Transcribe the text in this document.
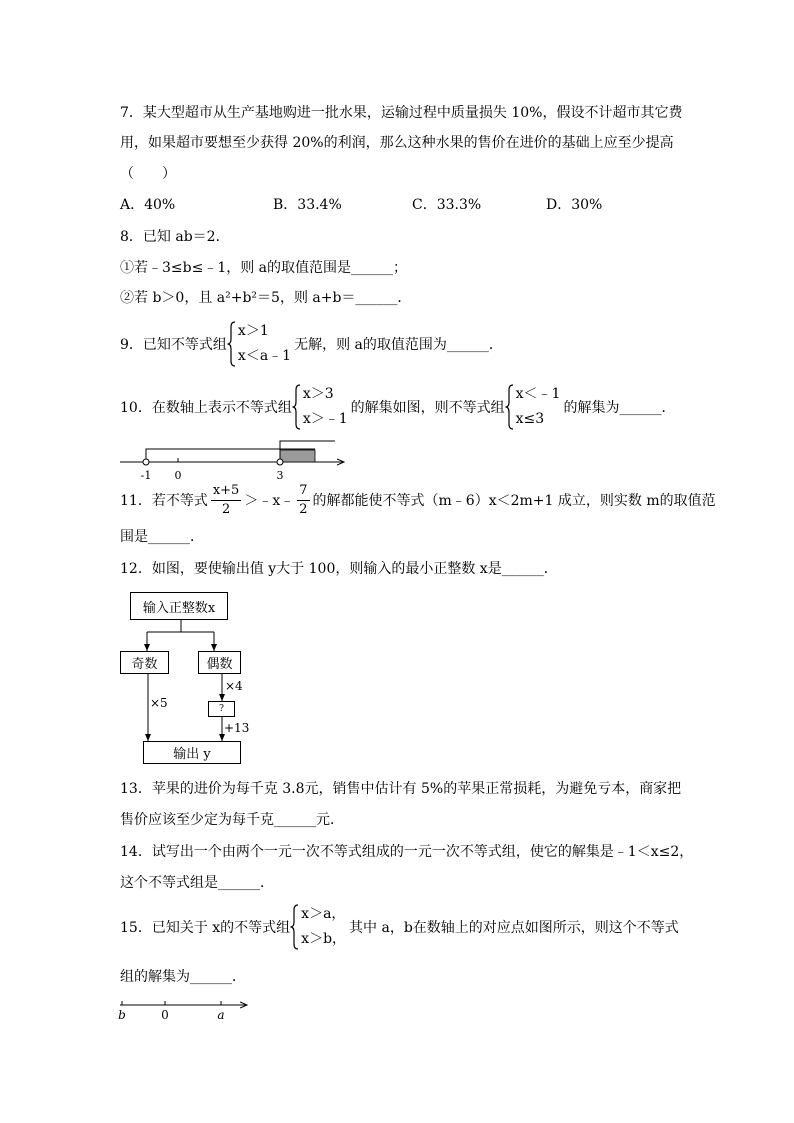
7．某大型超市从生产基地购进一批水果，运输过程中质量损失 10%，假设不计超市其它费
用，如果超市要想至少获得 20%的利润，那么这种水果的售价在进价的基础上应至少提高
（　　）
A．40%	B．33.4%	C．33.3%	D．30%
8．已知 ab＝2．
①若﹣3≤b≤﹣1，则 a的取值范围是______；
②若 b＞0，且 a²+b²＝5，则 a+b＝______．
9．已知不等式组
x＞1
x＜a﹣1
无解，则 a的取值范围为______．
10．在数轴上表示不等式组
x＞3
x＞﹣1
的解集如图，则不等式组
x＜﹣1
x≤3
的解集为______．
-1 0	3
11．若不等式 $\frac{x+5}{2}$ ＞﹣x﹣ $\frac{7}{2}$ 的解都能使不等式（m﹣6）x＜2m+1 成立，则实数 m的取值范
围是______．
12．如图，要使输出值 y大于 100，则输入的最小正整数 x是______．
输入正整数x
奇数	偶数
?
输出 y
×5
×4
+13
13．苹果的进价为每千克 3.8元，销售中估计有 5%的苹果正常损耗，为避免亏本，商家把
售价应该至少定为每千克______元．
14．试写出一个由两个一元一次不等式组成的一元一次不等式组，使它的解集是﹣1＜x≤2，
这个不等式组是______．
15．已知关于 x的不等式组
x＞a，
x＞b，
其中 a，b在数轴上的对应点如图所示，则这个不等式
组的解集为______．
b	0	a
